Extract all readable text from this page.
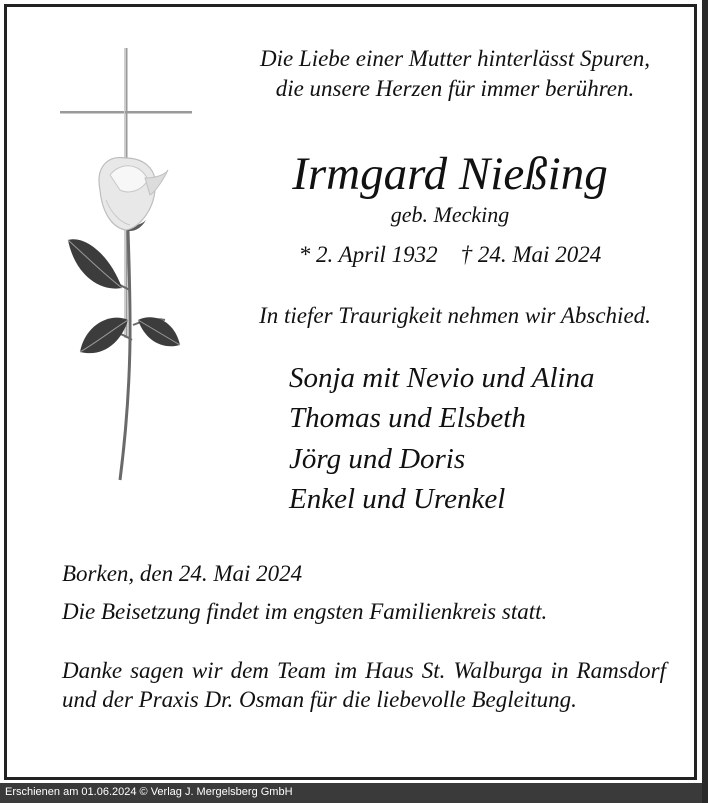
Die Liebe einer Mutter hinterlässt Spuren,
die unsere Herzen für immer berühren.
Irmgard Nießing
geb. Mecking
* 2. April 1932    † 24. Mai 2024
In tiefer Traurigkeit nehmen wir Abschied.
Sonja mit Nevio und Alina
Thomas und Elsbeth
Jörg und Doris
Enkel und Urenkel
Borken, den 24. Mai 2024
Die Beisetzung findet im engsten Familienkreis statt.
Danke sagen wir dem Team im Haus St. Walburga in Ramsdorf und der Praxis Dr. Osman für die liebevolle Begleitung.
Erschienen am 01.06.2024 © Verlag J. Mergelsberg GmbH
